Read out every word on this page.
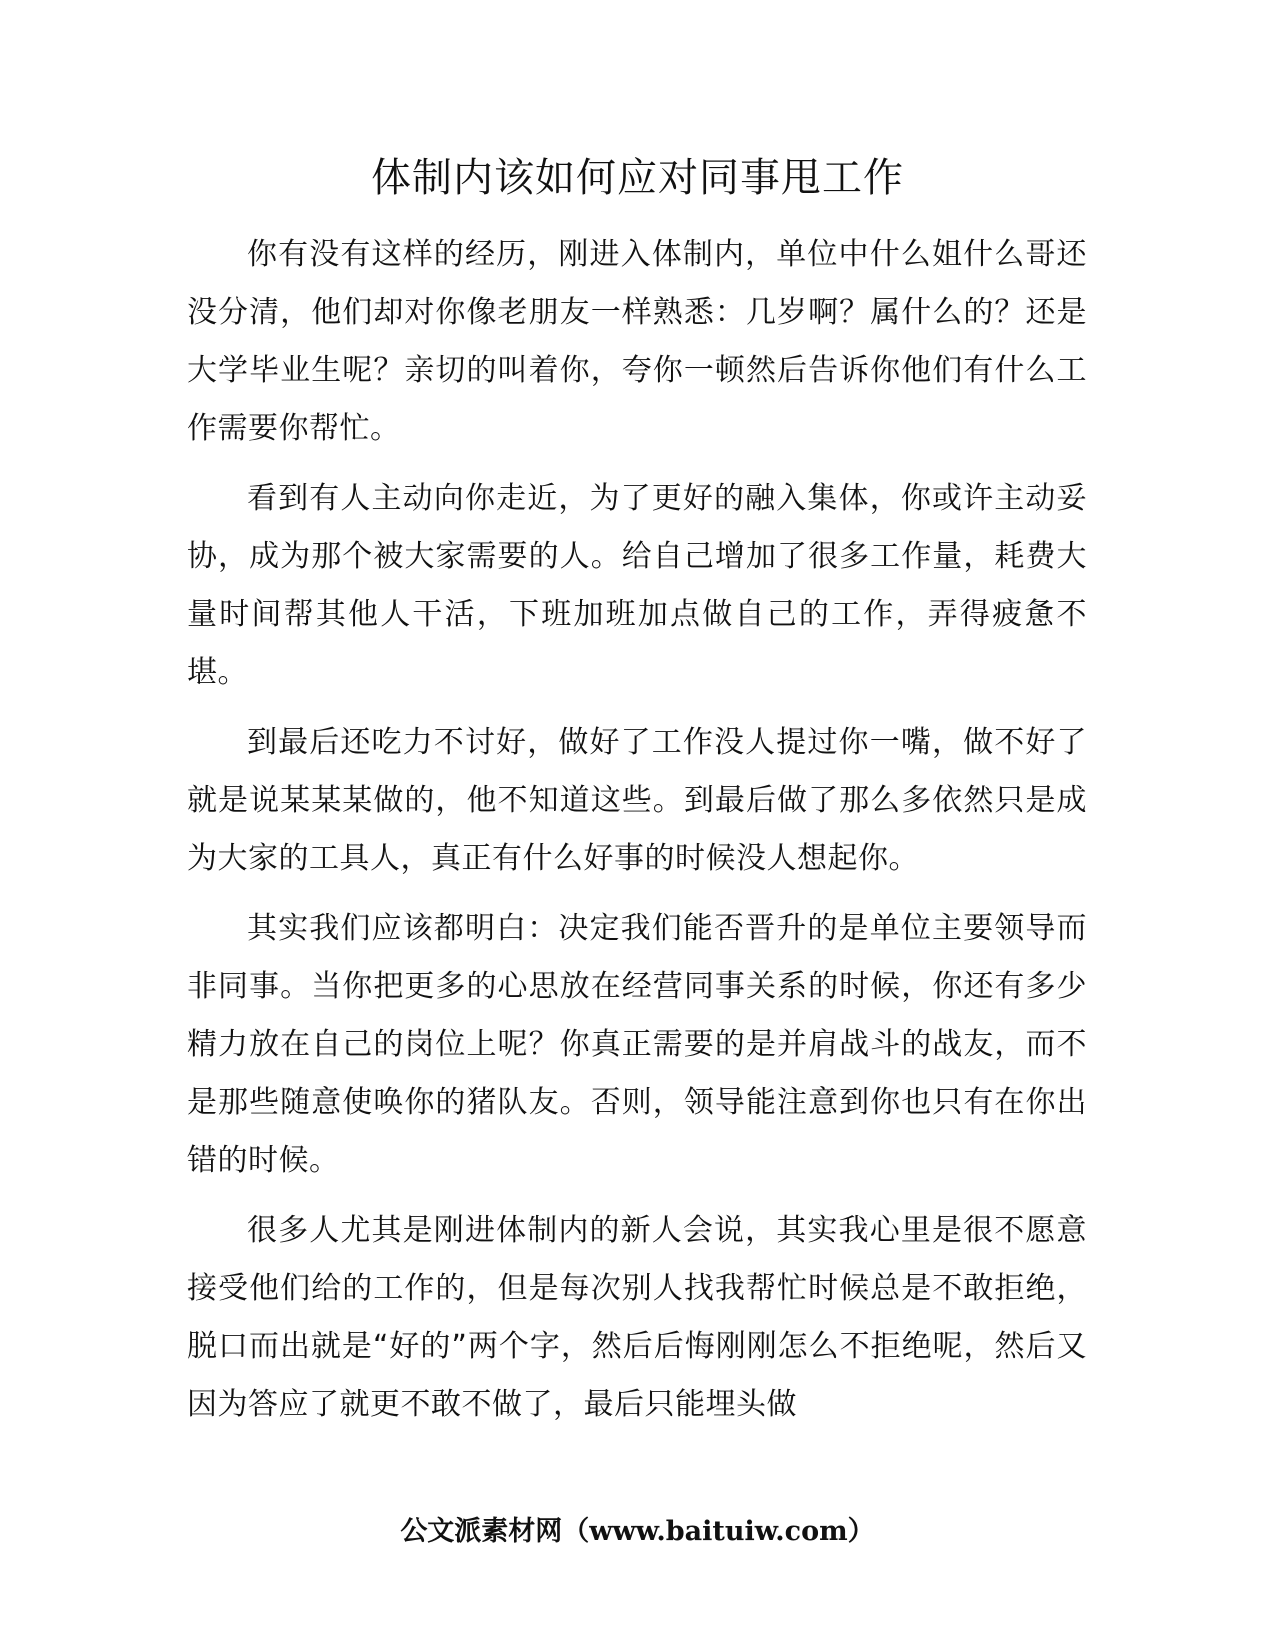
体制内该如何应对同事甩工作

你有没有这样的经历，刚进入体制内，单位中什么姐什么哥还没分清，他们却对你像老朋友一样熟悉：几岁啊？属什么的？还是大学毕业生呢？亲切的叫着你，夸你一顿然后告诉你他们有什么工作需要你帮忙。

看到有人主动向你走近，为了更好的融入集体，你或许主动妥协，成为那个被大家需要的人。给自己增加了很多工作量，耗费大量时间帮其他人干活，下班加班加点做自己的工作，弄得疲惫不堪。

到最后还吃力不讨好，做好了工作没人提过你一嘴，做不好了就是说某某某做的，他不知道这些。到最后做了那么多依然只是成为大家的工具人，真正有什么好事的时候没人想起你。

其实我们应该都明白：决定我们能否晋升的是单位主要领导而非同事。当你把更多的心思放在经营同事关系的时候，你还有多少精力放在自己的岗位上呢？你真正需要的是并肩战斗的战友，而不是那些随意使唤你的猪队友。否则，领导能注意到你也只有在你出错的时候。

很多人尤其是刚进体制内的新人会说，其实我心里是很不愿意接受他们给的工作的，但是每次别人找我帮忙时候总是不敢拒绝，脱口而出就是“好的”两个字，然后后悔刚刚怎么不拒绝呢，然后又因为答应了就更不敢不做了，最后只能埋头做

公文派素材网（www.baituiw.com）
